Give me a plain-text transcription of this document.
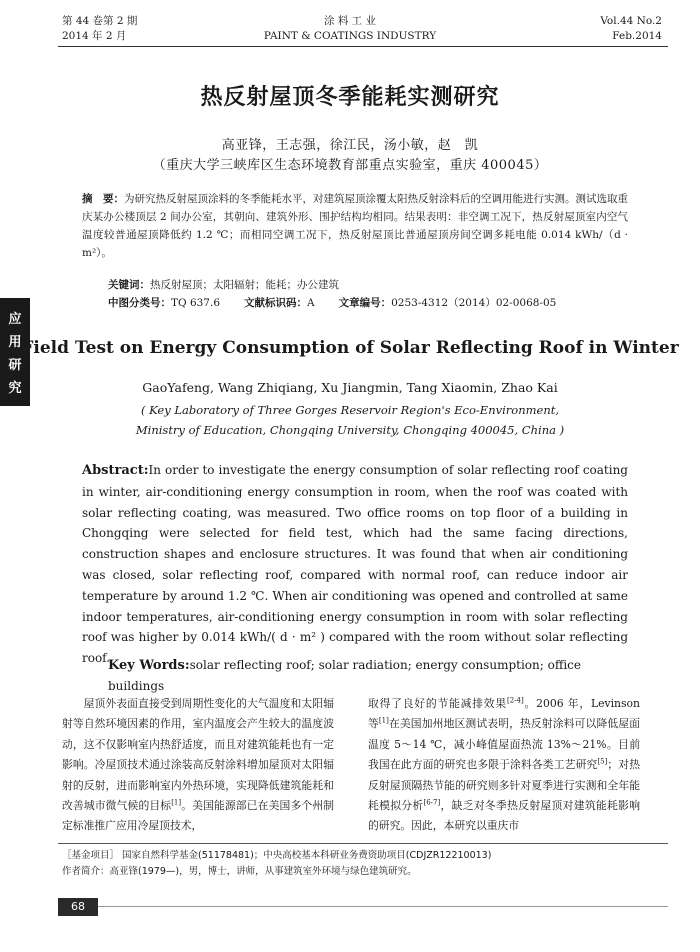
第 44 卷第 2 期
2014 年 2 月
涂 料 工 业
PAINT & COATINGS INDUSTRY
Vol.44 No.2
Feb.2014
应
用
研
究
热反射屋顶冬季能耗实测研究
高亚锋，王志强，徐江民，汤小敏，赵　凯
（重庆大学三峡库区生态环境教育部重点实验室，重庆 400045）
摘　要：为研究热反射屋顶涂料的冬季能耗水平，对建筑屋顶涂覆太阳热反射涂料后的空调用能进行实测。测试选取重庆某办公楼顶层 2 间办公室，其朝向、建筑外形、围护结构均相同。结果表明：非空调工况下，热反射屋顶室内空气温度较普通屋顶降低约 1.2 ℃；而相同空调工况下，热反射屋顶比普通屋顶房间空调多耗电能 0.014 kWh/（d · m²）。
关键词：热反射屋顶；太阳辐射；能耗；办公建筑
中图分类号：TQ 637.6 文献标识码：A 文章编号：0253-4312（2014）02-0068-05
Field Test on Energy Consumption of Solar Reflecting Roof in Winter
GaoYafeng, Wang Zhiqiang, Xu Jiangmin, Tang Xiaomin, Zhao Kai
( Key Laboratory of Three Gorges Reservoir Region's Eco-Environment, Ministry of Education, Chongqing University, Chongqing 400045, China )
Abstract:In order to investigate the energy consumption of solar reflecting roof coating in winter, air-conditioning energy consumption in room, when the roof was coated with solar reflecting coating, was measured. Two office rooms on top floor of a building in Chongqing were selected for field test, which had the same facing directions, construction shapes and enclosure structures. It was found that when air conditioning was closed, solar reflecting roof, compared with normal roof, can reduce indoor air temperature by around 1.2 ℃. When air conditioning was opened and controlled at same indoor temperatures, air-conditioning energy consumption in room with solar reflecting roof was higher by 0.014 kWh/( d · m² ) compared with the room without solar reflecting roof.
Key Words:solar reflecting roof; solar radiation; energy consumption; office buildings

屋顶外表面直接受到周期性变化的大气温度和太阳辐射等自然环境因素的作用，室内温度会产生较大的温度波动，这不仅影响室内热舒适度，而且对建筑能耗也有一定影响。冷屋顶技术通过涂装高反射涂料增加屋顶对太阳辐射的反射，进而影响室内外热环境，实现降低建筑能耗和改善城市微气候的目标[1]。美国能源部已在美国多个州制定标准推广应用冷屋顶技术，

取得了良好的节能减排效果[2-4]。2006 年，Levinson 等[1]在美国加州地区测试表明，热反射涂料可以降低屋面温度 5～14 ℃，减小峰值屋面热流 13%～21%。目前我国在此方面的研究也多限于涂料各类工艺研究[5]；对热反射屋顶隔热节能的研究则多针对夏季进行实测和全年能耗模拟分析[6-7]，缺乏对冬季热反射屋顶对建筑能耗影响的研究。因此，本研究以重庆市

［基金项目］ 国家自然科学基金(51178481)；中央高校基本科研业务费资助项目(CDJZR12210013)
作者简介：高亚锋(1979—)，男，博士，讲师，从事建筑室外环境与绿色建筑研究。
68
